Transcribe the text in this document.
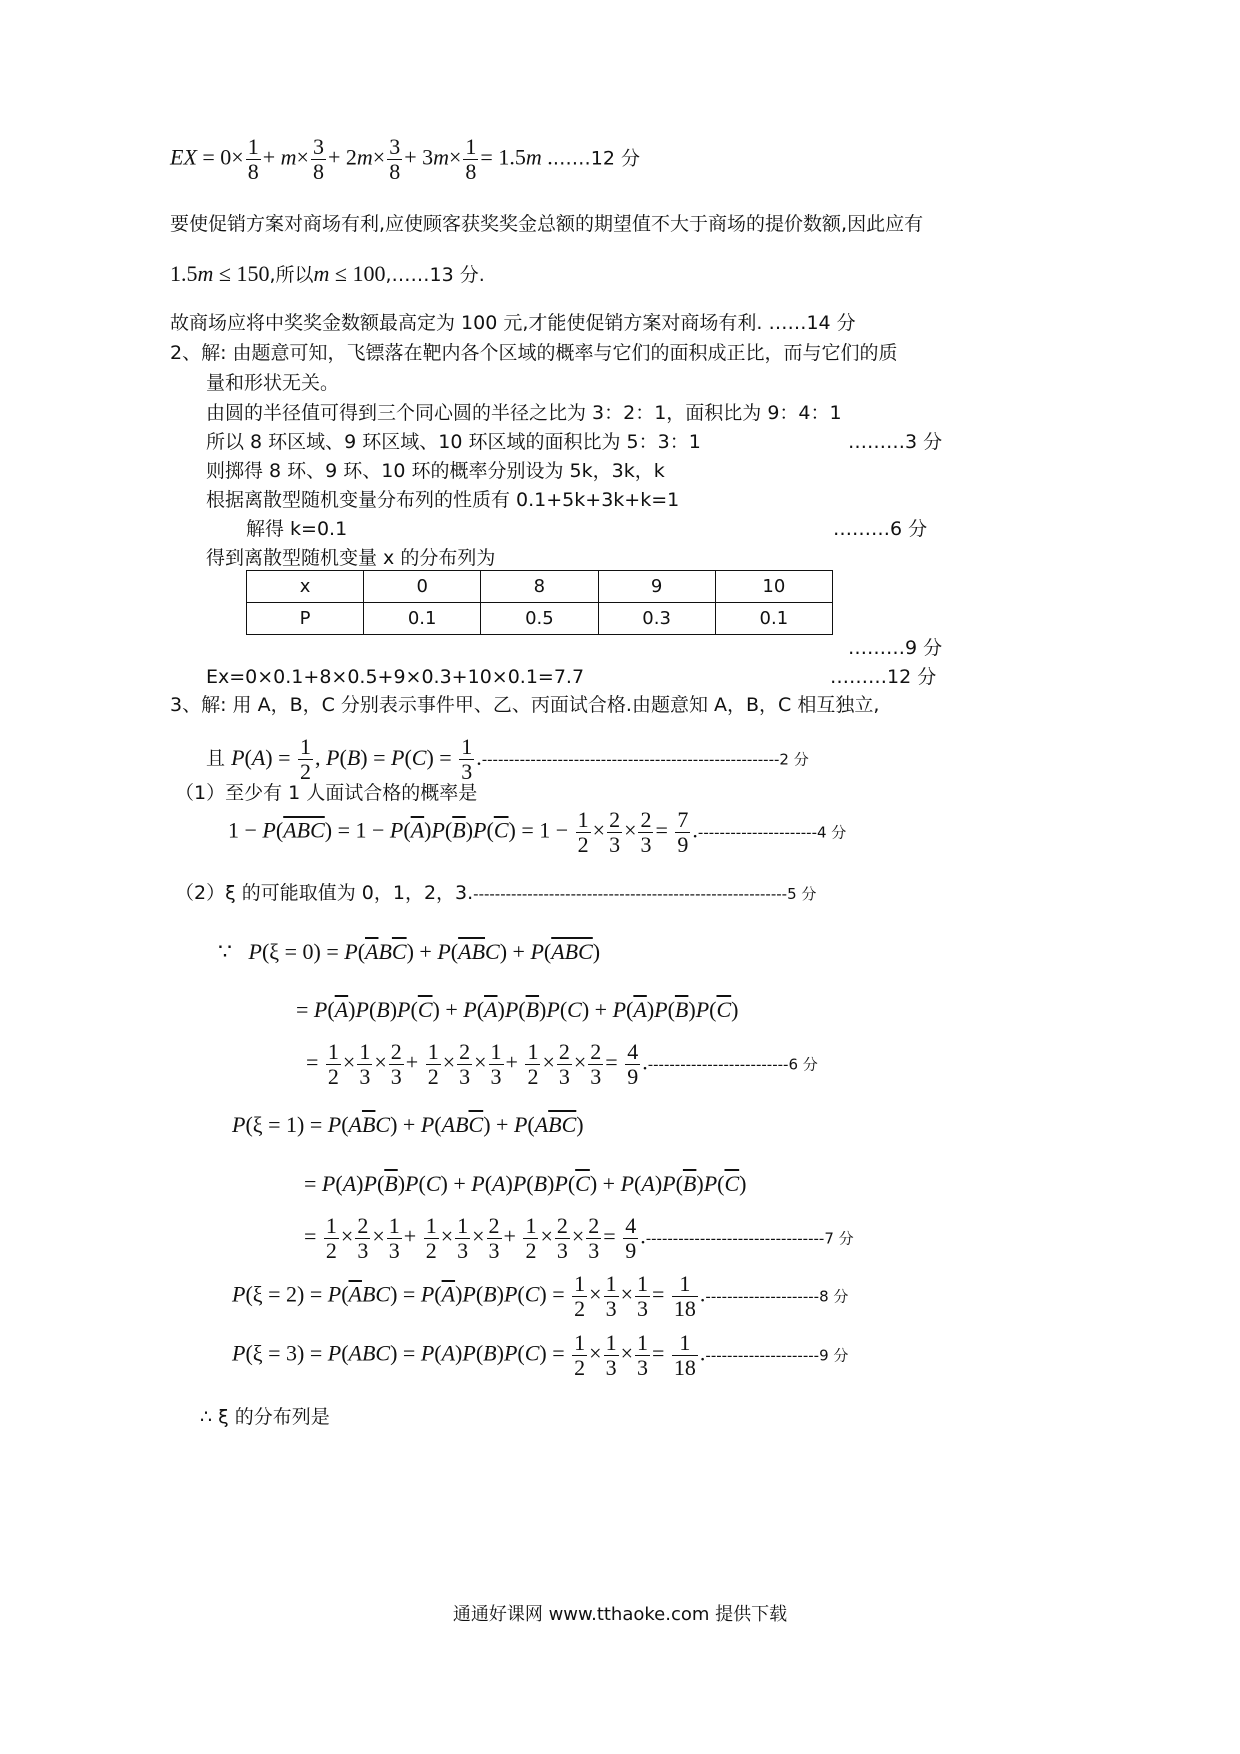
EX = $0\times \frac{1}{8} + m\times \frac{3}{8} + 2m\times \frac{3}{8} + 3m\times \frac{1}{8} = 1.5m$ .……12 分
要使促销方案对商场有利,应使顾客获奖奖金总额的期望值不大于商场的提价数额,因此应有
1.5m ≤ 150,所以m ≤ 100,……13 分.
故商场应将中奖奖金数额最高定为 100 元,才能使促销方案对商场有利. ……14 分
2、解: 由题意可知，飞镖落在靶内各个区域的概率与它们的面积成正比，而与它们的质
量和形状无关。
由圆的半径值可得到三个同心圆的半径之比为 3：2：1，面积比为 9：4：1
所以 8 环区域、9 环区域、10 环区域的面积比为 5：3：1	………3 分
则掷得 8 环、9 环、10 环的概率分别设为 5k，3k，k
根据离散型随机变量分布列的性质有 0.1+5k+3k+k=1
解得 k=0.1	………6 分
得到离散型随机变量 x 的分布列为
x	0	8	9	10
P	0.1	0.5	0.3	0.1
………9 分
Ex=0×0.1+8×0.5+9×0.3+10×0.1=7.7	………12 分
3、解: 用 A，B，C 分别表示事件甲、乙、丙面试合格.由题意知 A，B，C 相互独立,
且 $P(A) = \frac{1}{2}$ , $P(B) = P(C) = \frac{1}{3} .-------------------------------------------------------2$ 分
（1）至少有 1 人面试合格的概率是
$1 - P(\overline{ABC}) = 1 - P(\overline{A})P(\overline{B})P(\overline{C}) = 1 - \frac{1}{2} \times \frac{2}{3} \times \frac{2}{3} = \frac{7}{9} .----------------------4$ 分
（2）ξ 的可能取值为 0，1，2，3.----------------------------------------------------------5 分
∵   $P(\xi = 0) = P(\overline{A}B\overline{C}) + P(\overline{AB}C) + P(\overline{ABC})$
= $P(\overline{A})P(B)P(\overline{C}) + P(\overline{A})P(\overline{B})P(C) + P(\overline{A})P(\overline{B})P(\overline{C})$
= $\frac{1}{2} \times \frac{1}{3} \times \frac{2}{3} + \frac{1}{2} \times \frac{2}{3} \times \frac{1}{3} + \frac{1}{2} \times \frac{2}{3} \times \frac{2}{3} = \frac{4}{9} .--------------------------6$ 分
$P(\xi = 1) = P(A\overline{B}C) + P(AB\overline{C}) + P(A\overline{BC})$
= $P(A)P(\overline{B})P(C) + P(A)P(B)P(\overline{C}) + P(A)P(\overline{B})P(\overline{C})$
= $\frac{1}{2} \times \frac{2}{3} \times \frac{1}{3} + \frac{1}{2} \times \frac{1}{3} \times \frac{2}{3} + \frac{1}{2} \times \frac{2}{3} \times \frac{2}{3} = \frac{4}{9} .---------------------------------7$ 分
$P(\xi = 2) = P(\overline{A}BC) = P(\overline{A})P(B)P(C) = \frac{1}{2} \times \frac{1}{3} \times \frac{1}{3} = \frac{1}{18} .---------------------8$ 分
$P(\xi = 3) = P(ABC) = P(A)P(B)P(C) = \frac{1}{2} \times \frac{1}{3} \times \frac{1}{3} = \frac{1}{18} .---------------------9$ 分
∴ ξ 的分布列是
通通好课网 www.tthaoke.com 提供下载
